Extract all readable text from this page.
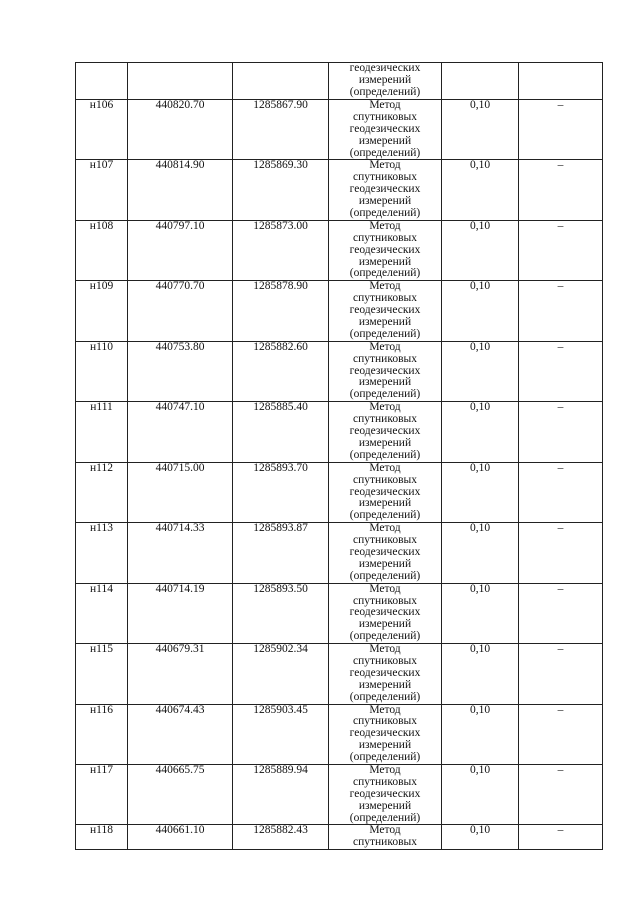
			геодезических
измерений
(определений)		

н106	440820.70	1285867.90	Метод
спутниковых
геодезических
измерений
(определений)	0,10	–
н107	440814.90	1285869.30	Метод
спутниковых
геодезических
измерений
(определений)	0,10	–
н108	440797.10	1285873.00	Метод
спутниковых
геодезических
измерений
(определений)	0,10	–
н109	440770.70	1285878.90	Метод
спутниковых
геодезических
измерений
(определений)	0,10	–
н110	440753.80	1285882.60	Метод
спутниковых
геодезических
измерений
(определений)	0,10	–
н111	440747.10	1285885.40	Метод
спутниковых
геодезических
измерений
(определений)	0,10	–
н112	440715.00	1285893.70	Метод
спутниковых
геодезических
измерений
(определений)	0,10	–
н113	440714.33	1285893.87	Метод
спутниковых
геодезических
измерений
(определений)	0,10	–
н114	440714.19	1285893.50	Метод
спутниковых
геодезических
измерений
(определений)	0,10	–
н115	440679.31	1285902.34	Метод
спутниковых
геодезических
измерений
(определений)	0,10	–
н116	440674.43	1285903.45	Метод
спутниковых
геодезических
измерений
(определений)	0,10	–
н117	440665.75	1285889.94	Метод
спутниковых
геодезических
измерений
(определений)	0,10	–
н118	440661.10	1285882.43	Метод
спутниковых	0,10	–
